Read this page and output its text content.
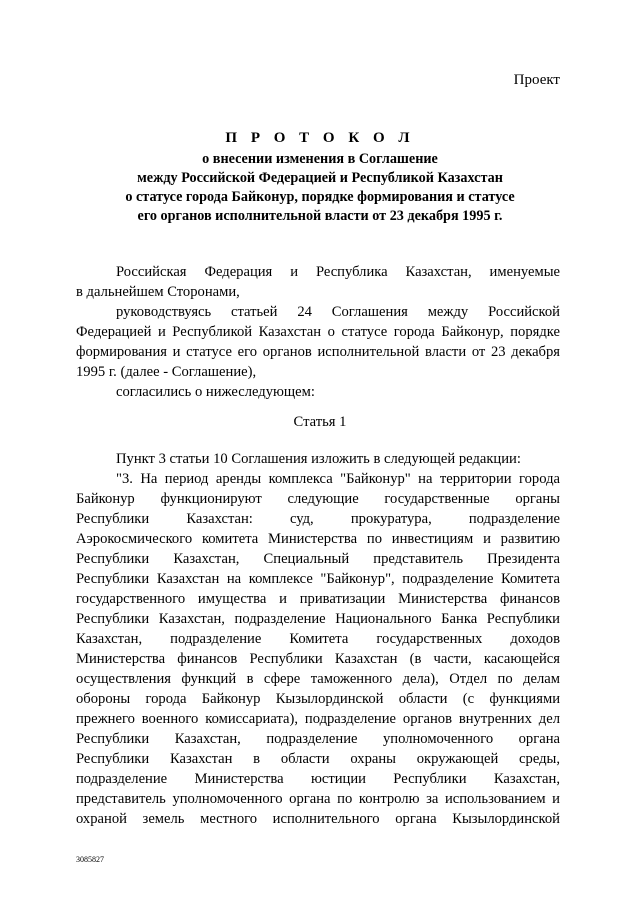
Проект
П Р О Т О К О Л
о внесении изменения в Соглашение
между Российской Федерацией и Республикой Казахстан
о статусе города Байконур, порядке формирования и статусе
его органов исполнительной власти от 23 декабря 1995 г.
Российская Федерация и Республика Казахстан, именуемые
в дальнейшем Сторонами,
руководствуясь статьей 24 Соглашения между Российской
Федерацией и Республикой Казахстан о статусе города Байконур, порядке
формирования и статусе его органов исполнительной власти от 23 декабря
1995 г. (далее - Соглашение),
согласились о нижеследующем:
Статья 1
Пункт 3 статьи 10 Соглашения изложить в следующей редакции:
"3. На период аренды комплекса "Байконур" на территории города
Байконур функционируют следующие государственные органы
Республики Казахстан: суд, прокуратура, подразделение
Аэрокосмического комитета Министерства по инвестициям и развитию
Республики Казахстан, Специальный представитель Президента
Республики Казахстан на комплексе "Байконур", подразделение Комитета
государственного имущества и приватизации Министерства финансов
Республики Казахстан, подразделение Национального Банка Республики
Казахстан, подразделение Комитета государственных доходов
Министерства финансов Республики Казахстан (в части, касающейся
осуществления функций в сфере таможенного дела), Отдел по делам
обороны города Байконур Кызылординской области (с функциями
прежнего военного комиссариата), подразделение органов внутренних дел
Республики Казахстан, подразделение уполномоченного органа
Республики Казахстан в области охраны окружающей среды,
подразделение Министерства юстиции Республики Казахстан,
представитель уполномоченного органа по контролю за использованием и
охраной земель местного исполнительного органа Кызылординской
3085827
